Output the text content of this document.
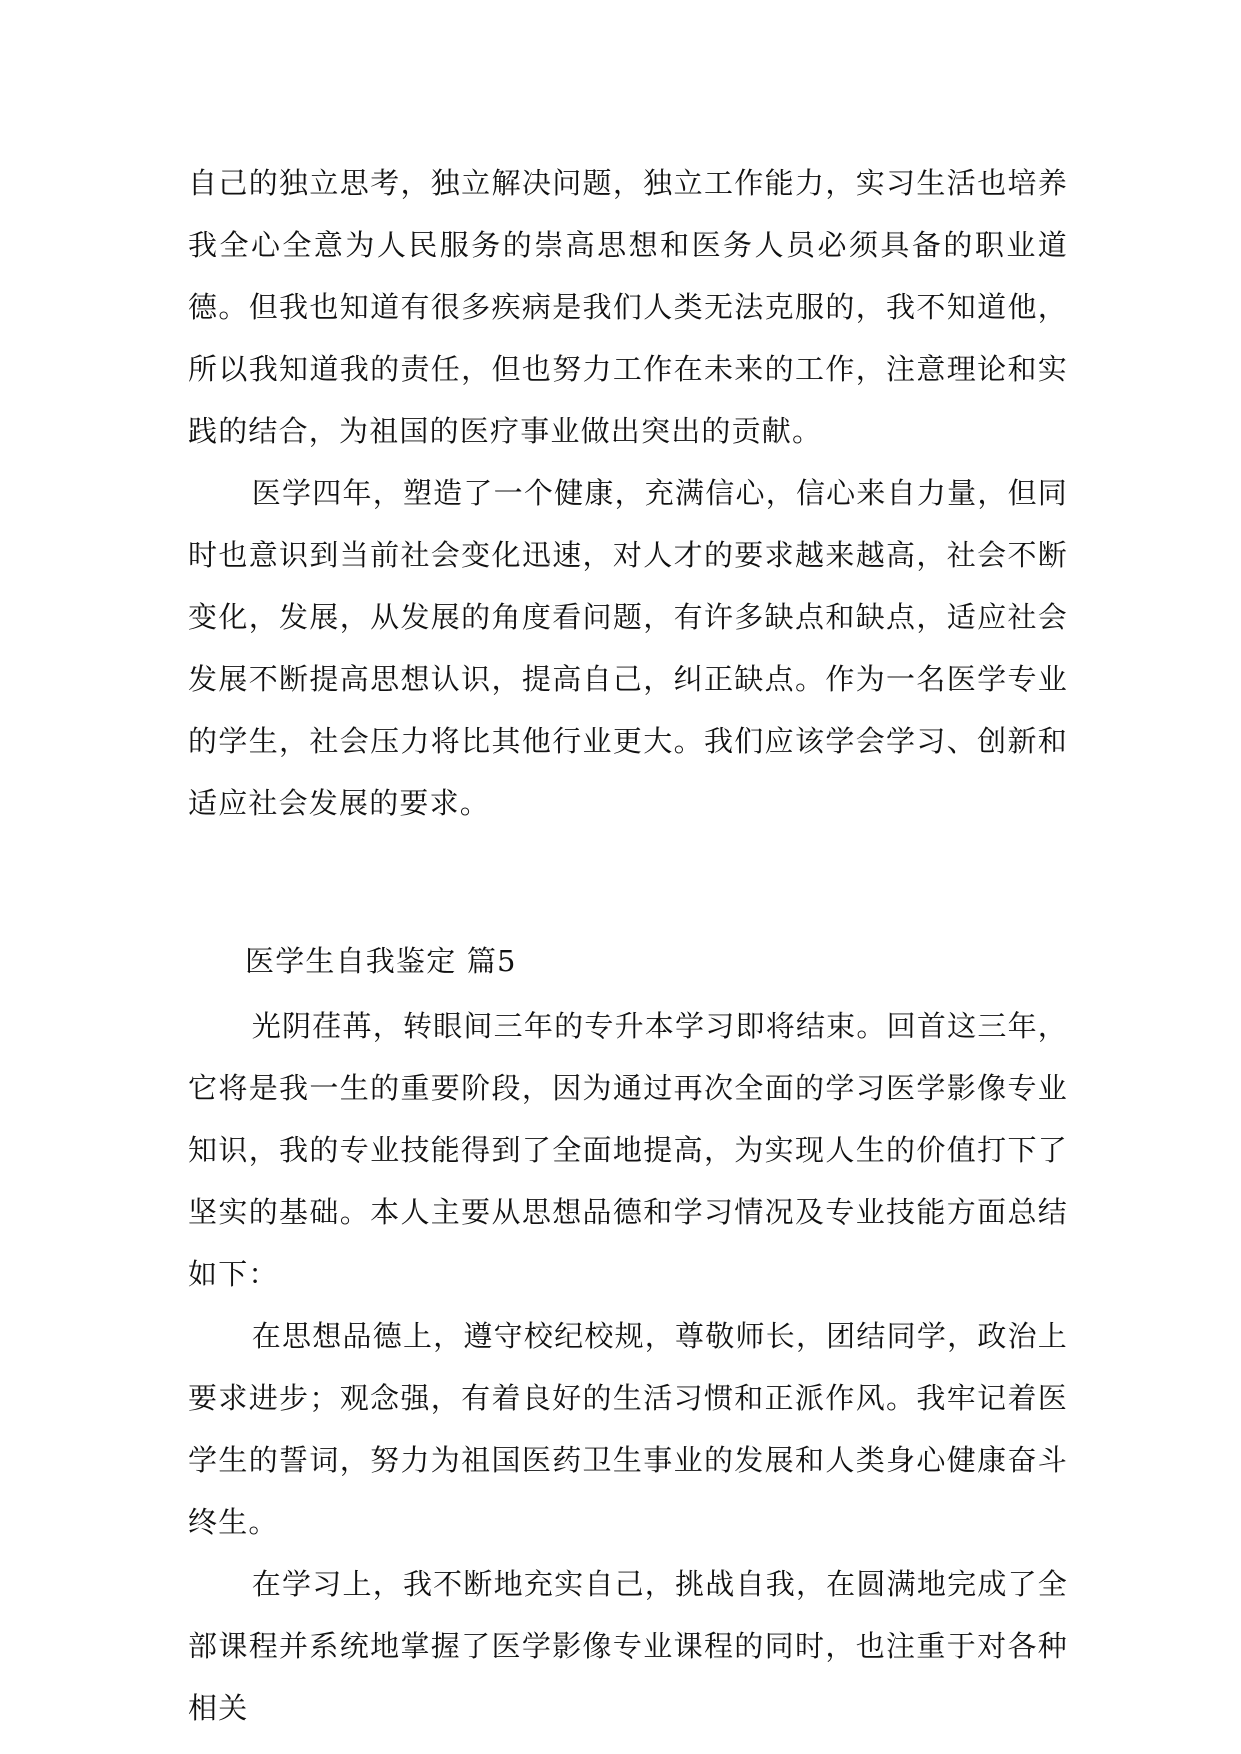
自己的独立思考，独立解决问题，独立工作能力，实习生活也培养我全心全意为人民服务的崇高思想和医务人员必须具备的职业道德。但我也知道有很多疾病是我们人类无法克服的，我不知道他，所以我知道我的责任，但也努力工作在未来的工作，注意理论和实践的结合，为祖国的医疗事业做出突出的贡献。

医学四年，塑造了一个健康，充满信心，信心来自力量，但同时也意识到当前社会变化迅速，对人才的要求越来越高，社会不断变化，发展，从发展的角度看问题，有许多缺点和缺点，适应社会发展不断提高思想认识，提高自己，纠正缺点。作为一名医学专业的学生，社会压力将比其他行业更大。我们应该学会学习、创新和适应社会发展的要求。

医学生自我鉴定 篇5

光阴荏苒，转眼间三年的专升本学习即将结束。回首这三年，它将是我一生的重要阶段，因为通过再次全面的学习医学影像专业知识，我的专业技能得到了全面地提高，为实现人生的价值打下了坚实的基础。本人主要从思想品德和学习情况及专业技能方面总结如下：

在思想品德上，遵守校纪校规，尊敬师长，团结同学，政治上要求进步；观念强，有着良好的生活习惯和正派作风。我牢记着医学生的誓词，努力为祖国医药卫生事业的发展和人类身心健康奋斗终生。

在学习上，我不断地充实自己，挑战自我，在圆满地完成了全部课程并系统地掌握了医学影像专业课程的同时，也注重于对各种相关
